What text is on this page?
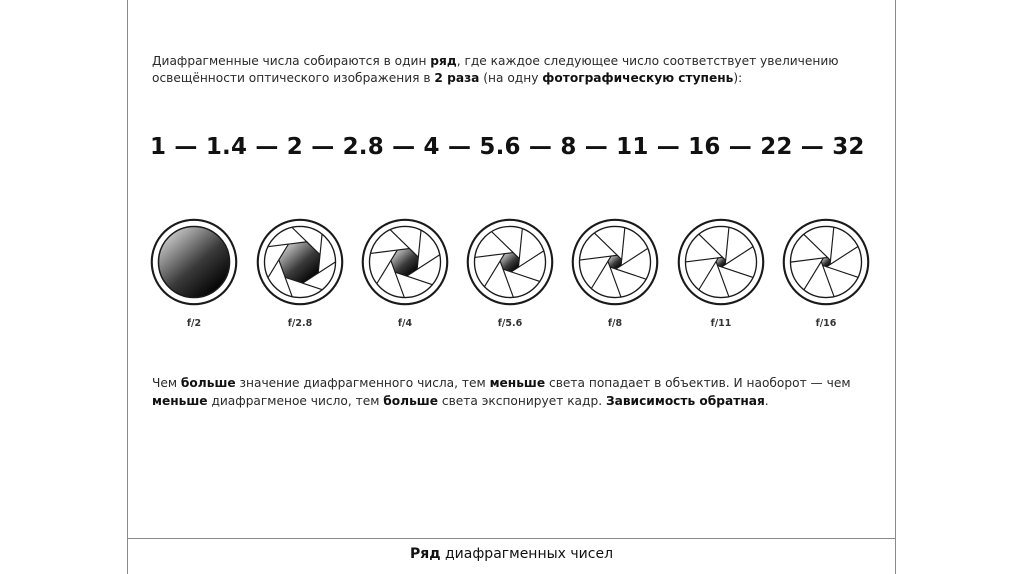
Диафрагменные числа собираются в один ряд, где каждое следующее число соответствует увеличению освещённости оптического изображения в 2 раза (на одну фотографическую ступень):
1 — 1.4 — 2 — 2.8 — 4 — 5.6 — 8 — 11 — 16 — 22 — 32
f/2	f/2.8	f/4	f/5.6	f/8	f/11	f/16
Чем больше значение диафрагменного числа, тем меньше света попадает в объектив. И наоборот — чем
меньше диафрагменое число, тем больше света экспонирует кадр. Зависимость обратная.
Ряд диафрагменных чисел
